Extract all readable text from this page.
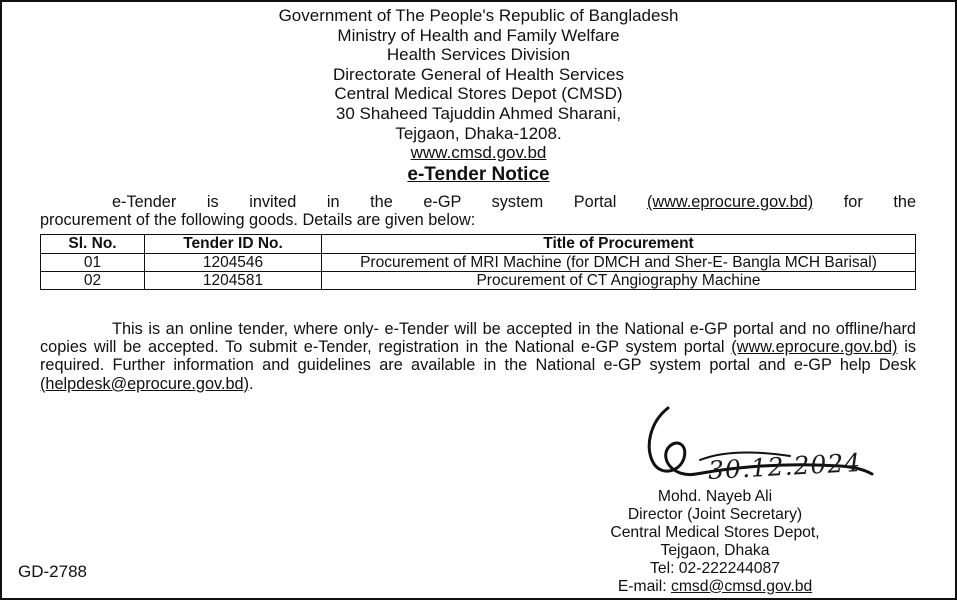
Government of The People's Republic of Bangladesh
Ministry of Health and Family Welfare
Health Services Division
Directorate General of Health Services
Central Medical Stores Depot (CMSD)
30 Shaheed Tajuddin Ahmed Sharani,
Tejgaon, Dhaka-1208.
www.cmsd.gov.bd
e-Tender Notice
e-Tender is invited in the e-GP system Portal (www.eprocure.gov.bd) for the
procurement of the following goods. Details are given below:
Sl. No.	Tender ID No.	Title of Procurement
01	1204546	Procurement of MRI Machine (for DMCH and Sher-E- Bangla MCH Barisal)
02	1204581	Procurement of CT Angiography Machine
This is an online tender, where only- e-Tender will be accepted in the National e-GP portal and no offline/hard copies will be accepted. To submit e-Tender, registration in the National e-GP system portal (www.eprocure.gov.bd) is required. Further information and guidelines are available in the National e-GP system portal and e-GP help Desk (helpdesk@eprocure.gov.bd).
30.12.2024
Mohd. Nayeb Ali
Director (Joint Secretary)
Central Medical Stores Depot,
Tejgaon, Dhaka
Tel: 02-222244087
E-mail: cmsd@cmsd.gov.bd
GD-2788
